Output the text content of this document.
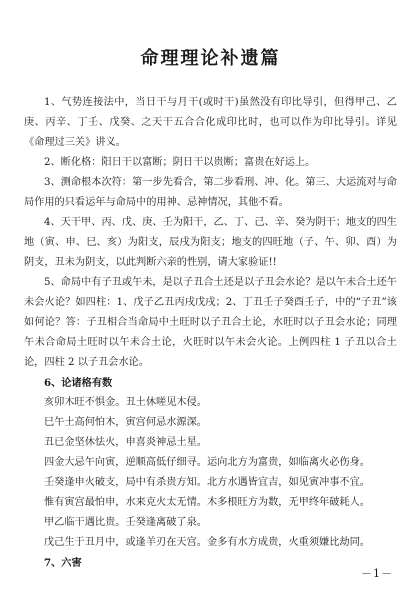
命理理论补遗篇

1、气势连接法中，当日干与月干(或时干)虽然没有印比导引，但得甲己、乙庚、丙辛、丁壬、戊癸、之天干五合合化成印比时，也可以作为印比导引。详见《命理过三关》讲义。

2、断化格：阳日干以富断；阴日干以贵断；富贵在好运上。

3、测命根本次符：第一步先看合，第二步看刑、冲、化。第三、大运流对与命局作用的只看运年与命局中的用神、忌神情况，其他不看。

4、天干甲、丙、戊、庚、壬为阳干，乙、丁、己、辛、癸为阴干；地支的四生地（寅、申、巳、亥）为阳支，辰戌为阳支；地支的四旺地（子、午、卯、酉）为阴支，丑未为阴支，以此判断六亲的性别，请大家验证!!

5、命局中有子丑或午未，是以子丑合土还是以子丑会水论？是以午未合土还午未会火论？如四柱：1、戊子乙丑丙戌戊戌；2、丁丑壬子癸酉壬子，中的“子丑”该如何论？答：子丑相合当命局中土旺时以子丑合土论，水旺时以子丑会水论；同理午未合命局土旺时以午未合土论，火旺时以午未会火论。上例四柱 1 子丑以合土论，四柱 2 以子丑会水论。

6、论诸格有数

亥卯木旺不惧金。丑土休嗟见木侵。

巳午土高何怕木，寅宫何忌水源深。

丑已金坚休怯火，申喜炎神忌土星。

四金大忌午向寅，逆顺高低仔细寻。运向北方为富贵，如临离火必伤身。

壬癸逢申火破支，局中有杀贵方知。北方水遇皆宜吉，如见寅冲事不宜。

惟有寅宫最怕申，水来克火太无情。木多根旺方为数，无甲终年破耗人。

甲乙临干遇比贵。壬癸逢离破了泉。

戊己生于丑月中，或逢羊刃在天宫。金多有水方成贵，火重须嫌比劫同。

7、六害

－1－
